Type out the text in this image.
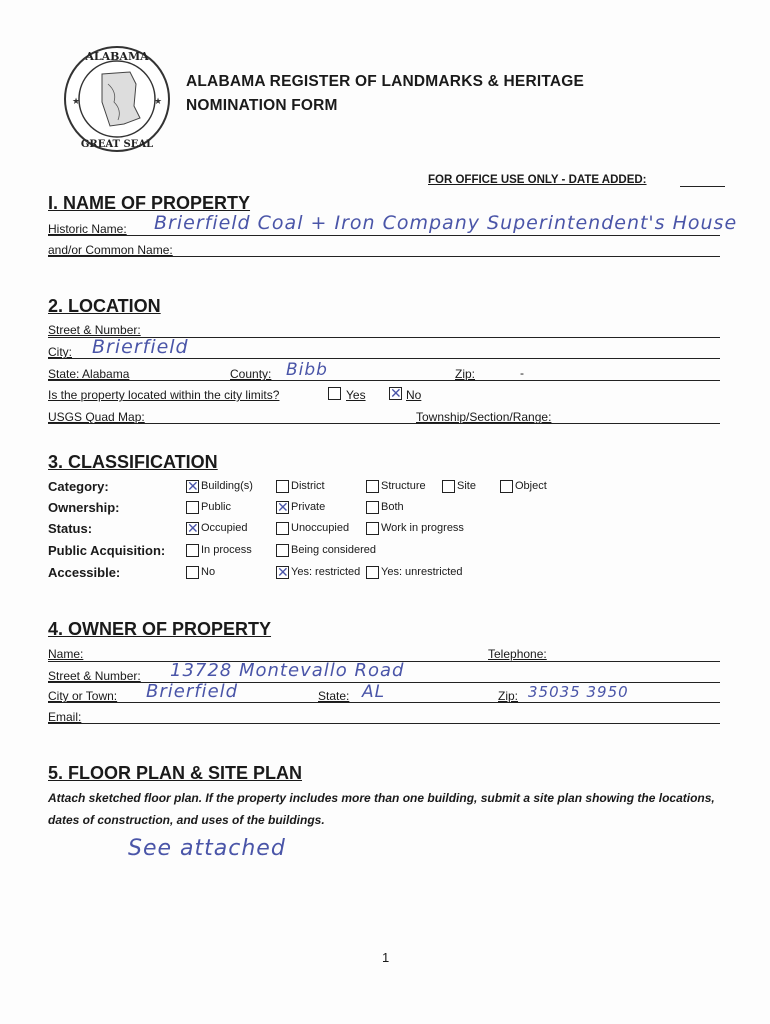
ALABAMA
GREAT SEAL
★	★
ALABAMA REGISTER OF LANDMARKS & HERITAGE
NOMINATION FORM
FOR OFFICE USE ONLY - DATE ADDED:
I. NAME OF PROPERTY
Historic Name: Brierfield Coal + Iron Company Superintendent's House
and/or Common Name:
2. LOCATION
Street & Number:
City: Brierfield
State: Alabama	County: Bibb	Zip:	-
Is the property located within the city limits?	Yes ✕ No
USGS Quad Map:	Township/Section/Range:
3. CLASSIFICATION
Category:	✕ Building(s)	District	Structure	Site	Object
Ownership:	Public	✕ Private	Both
Status:	✕ Occupied	Unoccupied	Work in progress
Public Acquisition:	In process	Being considered
Accessible:	No	✕ Yes: restricted Yes: unrestricted
4. OWNER OF PROPERTY
Name:	Telephone:
Street & Number: 13728 Montevallo Road
City or Town: Brierfield	State: AL	Zip: 35035 3950
Email:
5. FLOOR PLAN & SITE PLAN
Attach sketched floor plan. If the property includes more than one building, submit a site plan showing the locations, dates of construction, and uses of the buildings.
See attached
1
